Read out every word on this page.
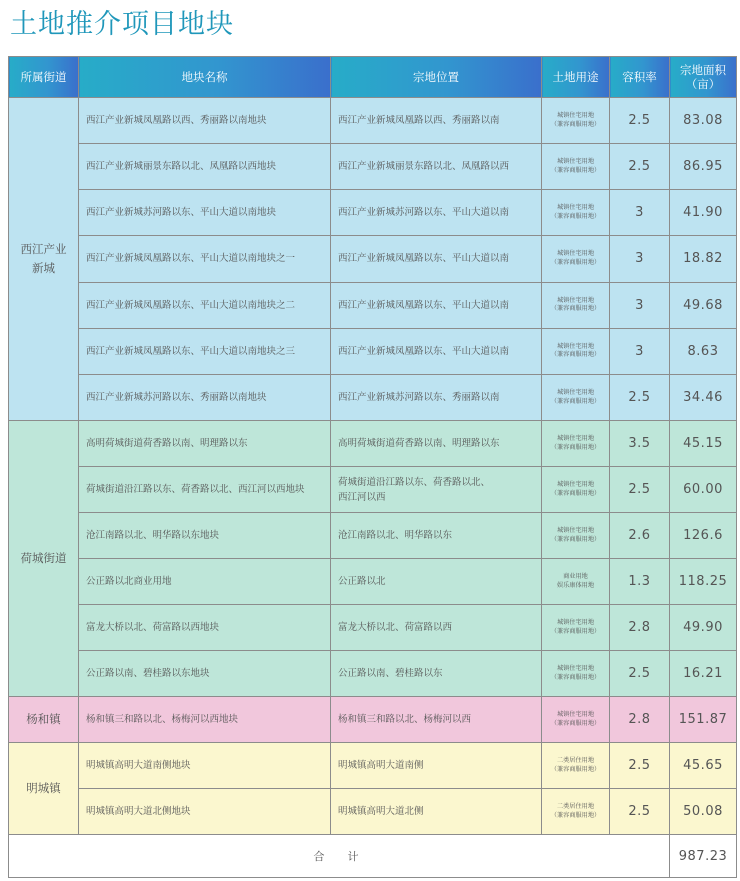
土地推介项目地块
所属街道	地块名称	宗地位置	土地用途	容积率	宗地面积
（亩）
西江产业
新城	西江产业新城凤凰路以西、秀丽路以南地块	西江产业新城凤凰路以西、秀丽路以南	城镇住宅用地
（兼容商服用地）	2.5	83.08
	西江产业新城丽景东路以北、凤凰路以西地块	西江产业新城丽景东路以北、凤凰路以西	城镇住宅用地
（兼容商服用地）	2.5	86.95
	西江产业新城苏河路以东、平山大道以南地块	西江产业新城苏河路以东、平山大道以南	城镇住宅用地
（兼容商服用地）	3	41.90
	西江产业新城凤凰路以东、平山大道以南地块之一	西江产业新城凤凰路以东、平山大道以南	城镇住宅用地
（兼容商服用地）	3	18.82
	西江产业新城凤凰路以东、平山大道以南地块之二	西江产业新城凤凰路以东、平山大道以南	城镇住宅用地
（兼容商服用地）	3	49.68
	西江产业新城凤凰路以东、平山大道以南地块之三	西江产业新城凤凰路以东、平山大道以南	城镇住宅用地
（兼容商服用地）	3	8.63
	西江产业新城苏河路以东、秀丽路以南地块	西江产业新城苏河路以东、秀丽路以南	城镇住宅用地
（兼容商服用地）	2.5	34.46
荷城街道	高明荷城街道荷香路以南、明理路以东	高明荷城街道荷香路以南、明理路以东	城镇住宅用地
（兼容商服用地）	3.5	45.15
	荷城街道沿江路以东、荷香路以北、西江河以西地块	荷城街道沿江路以东、荷香路以北、
西江河以西	城镇住宅用地
（兼容商服用地）	2.5	60.00
	沧江南路以北、明华路以东地块	沧江南路以北、明华路以东	城镇住宅用地
（兼容商服用地）	2.6	126.6
	公正路以北商业用地	公正路以北	商业用地
娱乐康体用地	1.3	118.25
	富龙大桥以北、荷富路以西地块	富龙大桥以北、荷富路以西	城镇住宅用地
（兼容商服用地）	2.8	49.90
	公正路以南、碧桂路以东地块	公正路以南、碧桂路以东	城镇住宅用地
（兼容商服用地）	2.5	16.21
杨和镇	杨和镇三和路以北、杨梅河以西地块	杨和镇三和路以北、杨梅河以西	城镇住宅用地
（兼容商服用地）	2.8	151.87
明城镇	明城镇高明大道南侧地块	明城镇高明大道南侧	二类居住用地
（兼容商服用地）	2.5	45.65
	明城镇高明大道北侧地块	明城镇高明大道北侧	二类居住用地
（兼容商服用地）	2.5	50.08
合　计					987.23
